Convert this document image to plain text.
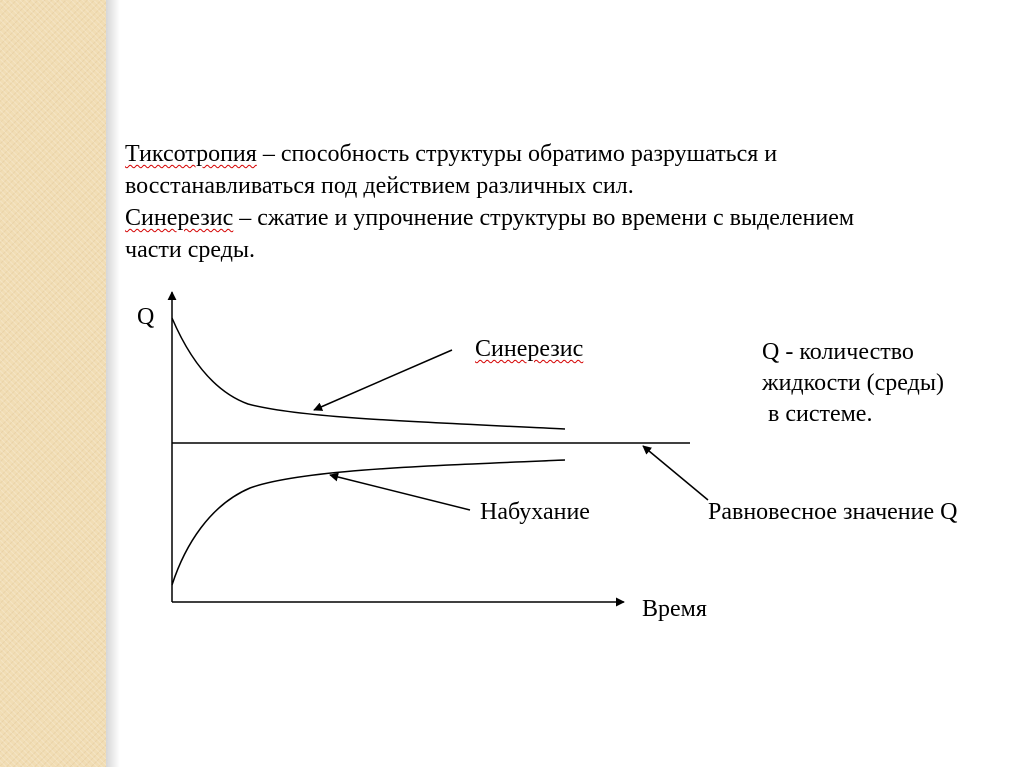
Тиксотропия – способность структуры обратимо разрушаться и
восстанавливаться под действием различных сил.
Синерезис – сжатие и упрочнение структуры во времени с выделением
части среды.
Q
Время
Синерезис
Набухание	Равновесное значение Q
Q - количество
жидкости (среды)
в системе.
